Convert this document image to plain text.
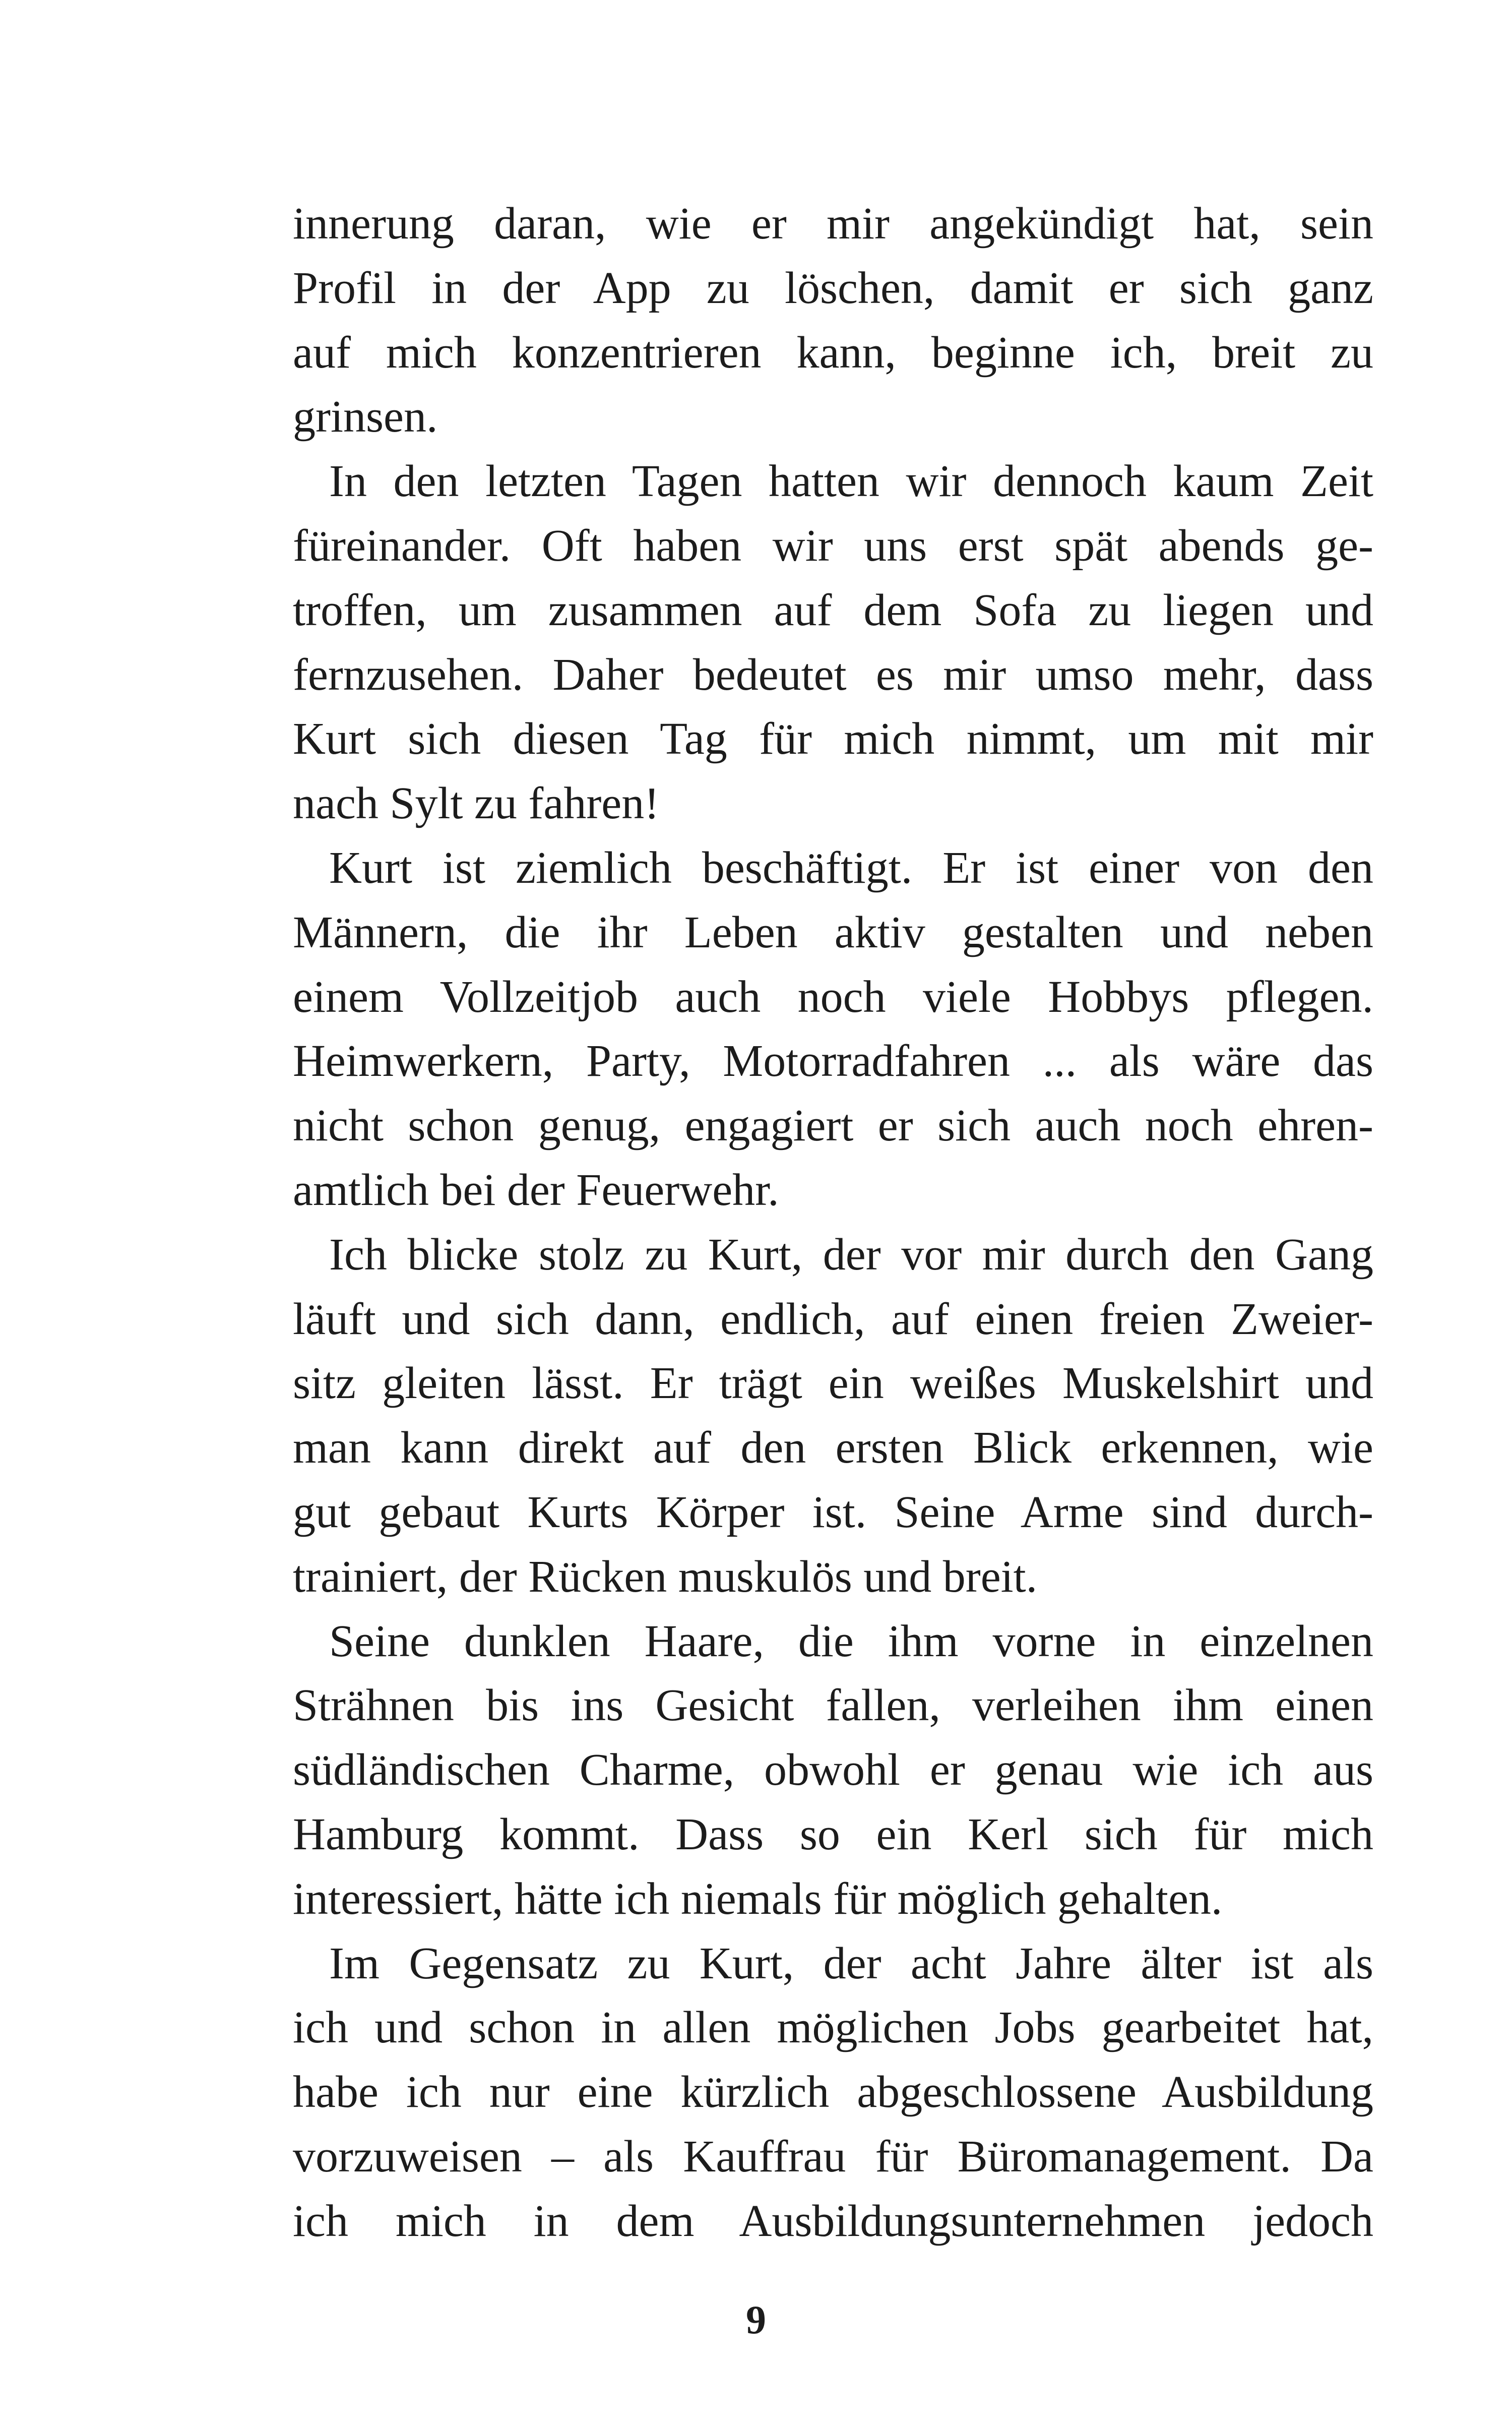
innerung daran, wie er mir angekündigt hat, sein
Profil in der App zu löschen, damit er sich ganz
auf mich konzentrieren kann, beginne ich, breit zu
grinsen.
In den letzten Tagen hatten wir dennoch kaum Zeit
füreinander. Oft haben wir uns erst spät abends ge-
troffen, um zusammen auf dem Sofa zu liegen und
fernzusehen. Daher bedeutet es mir umso mehr, dass
Kurt sich diesen Tag für mich nimmt, um mit mir
nach Sylt zu fahren!
Kurt ist ziemlich beschäftigt. Er ist einer von den
Männern, die ihr Leben aktiv gestalten und neben
einem Vollzeitjob auch noch viele Hobbys pflegen.
Heimwerkern, Party, Motorradfahren ... als wäre das
nicht schon genug, engagiert er sich auch noch ehren-
amtlich bei der Feuerwehr.
Ich blicke stolz zu Kurt, der vor mir durch den Gang
läuft und sich dann, endlich, auf einen freien Zweier-
sitz gleiten lässt. Er trägt ein weißes Muskelshirt und
man kann direkt auf den ersten Blick erkennen, wie
gut gebaut Kurts Körper ist. Seine Arme sind durch-
trainiert, der Rücken muskulös und breit.
Seine dunklen Haare, die ihm vorne in einzelnen
Strähnen bis ins Gesicht fallen, verleihen ihm einen
südländischen Charme, obwohl er genau wie ich aus
Hamburg kommt. Dass so ein Kerl sich für mich
interessiert, hätte ich niemals für möglich gehalten.
Im Gegensatz zu Kurt, der acht Jahre älter ist als
ich und schon in allen möglichen Jobs gearbeitet hat,
habe ich nur eine kürzlich abgeschlossene Ausbildung
vorzuweisen – als Kauffrau für Büromanagement. Da
ich mich in dem Ausbildungsunternehmen jedoch
9
